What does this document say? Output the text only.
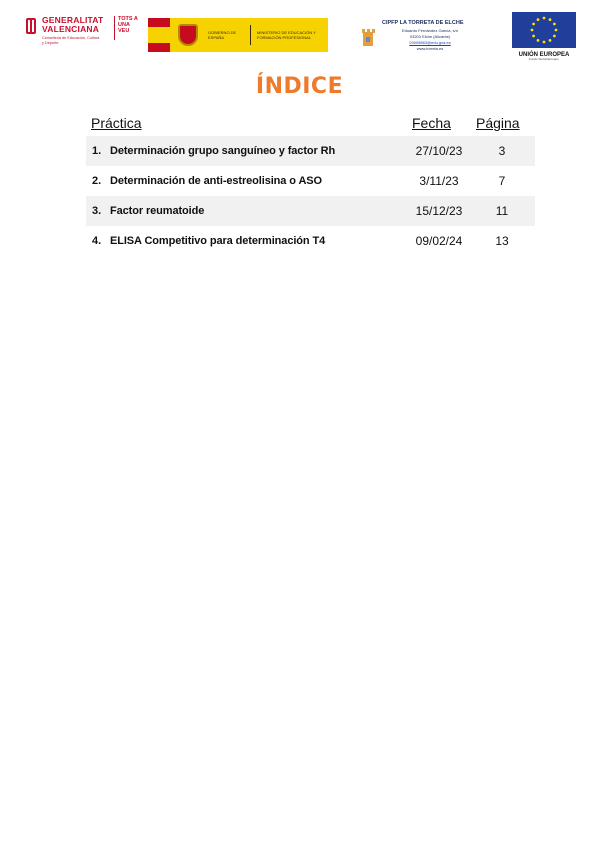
GENERALITAT
VALENCIANA
Conselleria de Educación, Cultura y Deporte
TOTS A UNA VEU	GOBIERNO DE ESPAÑA
MINISTERIO DE EDUCACIÓN Y FORMACIÓN PROFESIONAL
CIPFP LA TORRETA DE ELCHE
Eduardo Fernández García, s/n
03203 Elche (Alicante)
03009863@edu.gva.es
www.torreta.es
UNIÓN EUROPEA
Fondo Social Europeo
ÍNDICE
Práctica	Fecha Página
1. Determinación grupo sanguíneo y factor Rh	27/10/23	3
2. Determinación de anti-estreolisina o ASO	3/11/23	7
3. Factor reumatoide	15/12/23	11
4. ELISA Competitivo para determinación T4	09/02/24	13
